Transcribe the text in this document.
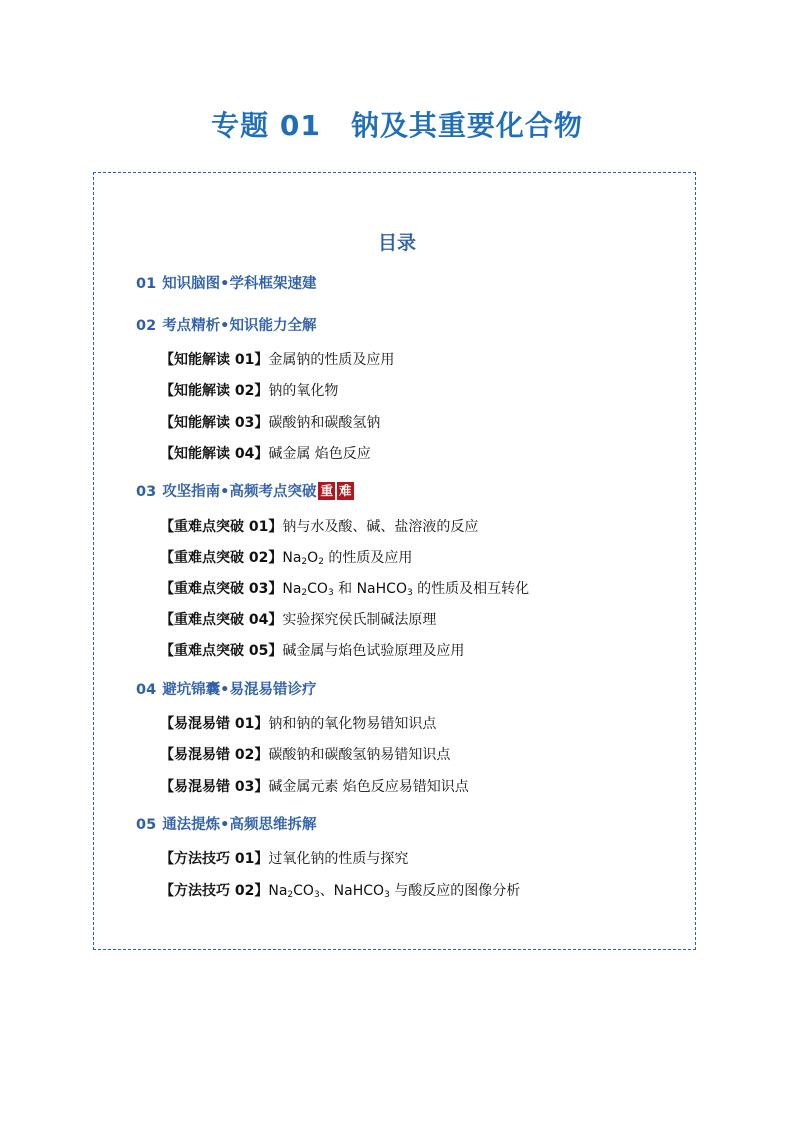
专题 01 钠及其重要化合物
目录
01 知识脑图•学科框架速建
02 考点精析•知识能力全解
【知能解读 01】金属钠的性质及应用
【知能解读 02】钠的氧化物
【知能解读 03】碳酸钠和碳酸氢钠
【知能解读 04】碱金属 焰色反应
03 攻坚指南•高频考点突破 重 难
【重难点突破 01】钠与水及酸、碱、盐溶液的反应
【重难点突破 02】$Na_2O_2$ 的性质及应用
【重难点突破 03】$Na_2CO_3$ 和 NaHCO$_3$ 的性质及相互转化
【重难点突破 04】实验探究侯氏制碱法原理
【重难点突破 05】碱金属与焰色试验原理及应用
04 避坑锦囊•易混易错诊疗
【易混易错 01】钠和钠的氧化物易错知识点
【易混易错 02】碳酸钠和碳酸氢钠易错知识点
【易混易错 03】碱金属元素 焰色反应易错知识点
05 通法提炼•高频思维拆解
【方法技巧 01】过氧化钠的性质与探究
【方法技巧 02】$Na_2CO_3$、NaHCO$_3$ 与酸反应的图像分析
